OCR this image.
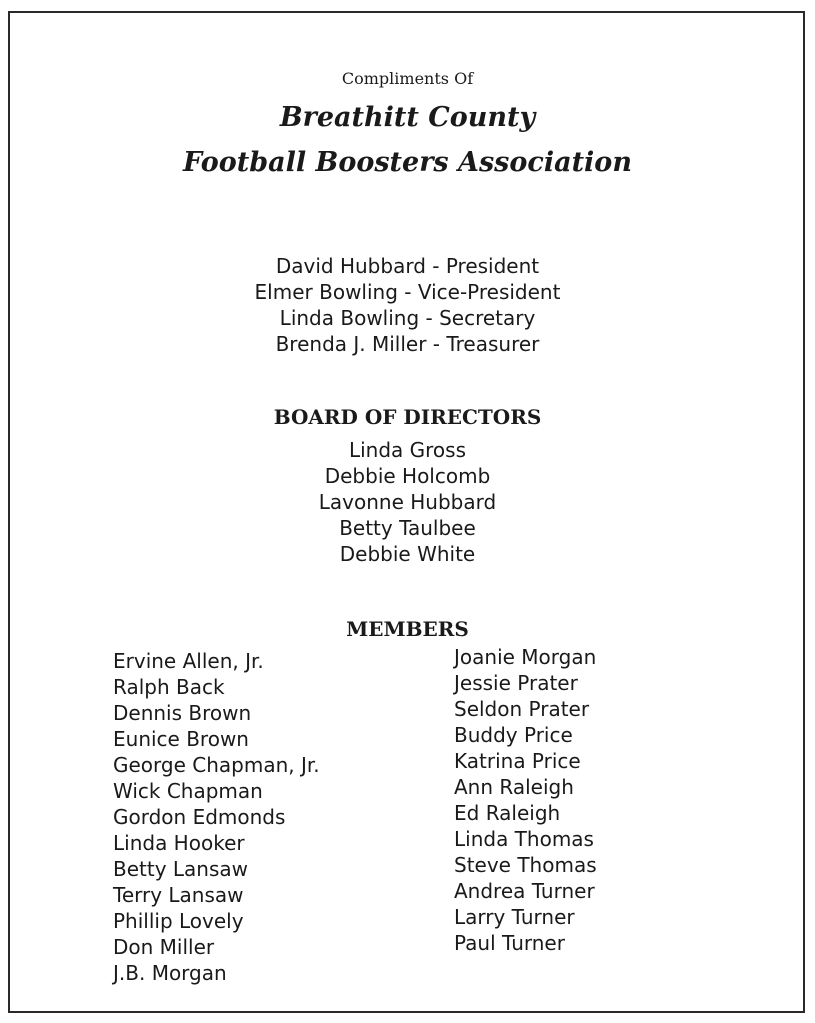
Compliments Of
Breathitt County
Football Boosters Association
David Hubbard - President
Elmer Bowling - Vice-President
Linda Bowling - Secretary
Brenda J. Miller - Treasurer
BOARD OF DIRECTORS
Linda Gross
Debbie Holcomb
Lavonne Hubbard
Betty Taulbee
Debbie White
MEMBERS
Ervine Allen, Jr.
Ralph Back
Dennis Brown
Eunice Brown
George Chapman, Jr.
Wick Chapman
Gordon Edmonds
Linda Hooker
Betty Lansaw
Terry Lansaw
Phillip Lovely
Don Miller
J.B. Morgan
Joanie Morgan
Jessie Prater
Seldon Prater
Buddy Price
Katrina Price
Ann Raleigh
Ed Raleigh
Linda Thomas
Steve Thomas
Andrea Turner
Larry Turner
Paul Turner
